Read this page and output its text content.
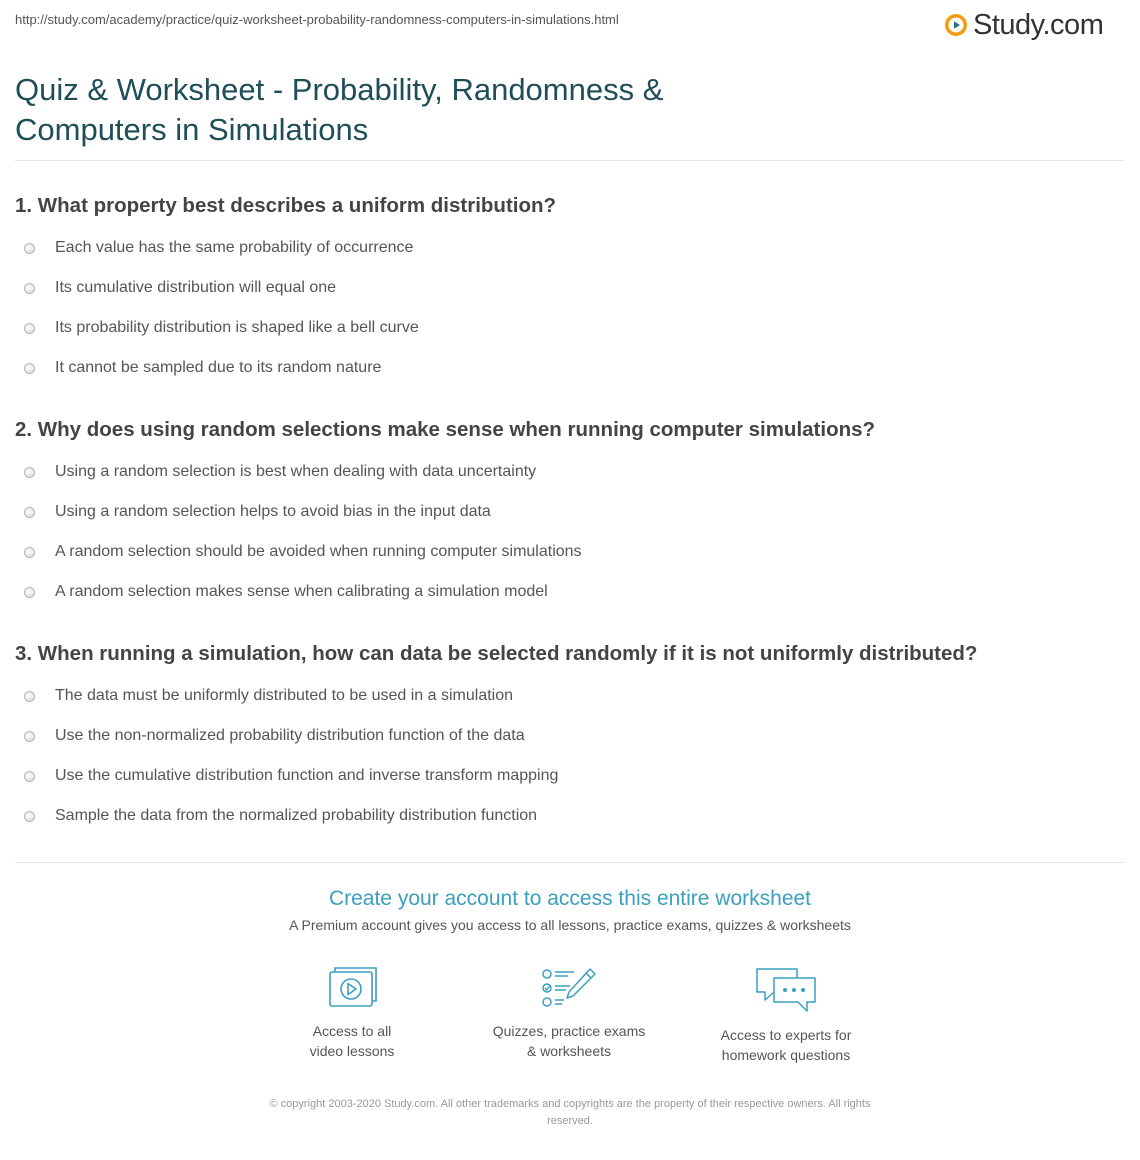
http://study.com/academy/practice/quiz-worksheet-probability-randomness-computers-in-simulations.html	Study.com
Quiz & Worksheet - Probability, Randomness &
Computers in Simulations
1. What property best describes a uniform distribution?
Each value has the same probability of occurrence
Its cumulative distribution will equal one
Its probability distribution is shaped like a bell curve
It cannot be sampled due to its random nature
2. Why does using random selections make sense when running computer simulations?
Using a random selection is best when dealing with data uncertainty
Using a random selection helps to avoid bias in the input data
A random selection should be avoided when running computer simulations
A random selection makes sense when calibrating a simulation model
3. When running a simulation, how can data be selected randomly if it is not uniformly distributed?
The data must be uniformly distributed to be used in a simulation
Use the non-normalized probability distribution function of the data
Use the cumulative distribution function and inverse transform mapping
Sample the data from the normalized probability distribution function
Create your account to access this entire worksheet
A Premium account gives you access to all lessons, practice exams, quizzes & worksheets
Access to all
video lessons
Quizzes, practice exams
& worksheets
Access to experts for
homework questions
© copyright 2003-2020 Study.com. All other trademarks and copyrights are the property of their respective owners. All rights
reserved.
